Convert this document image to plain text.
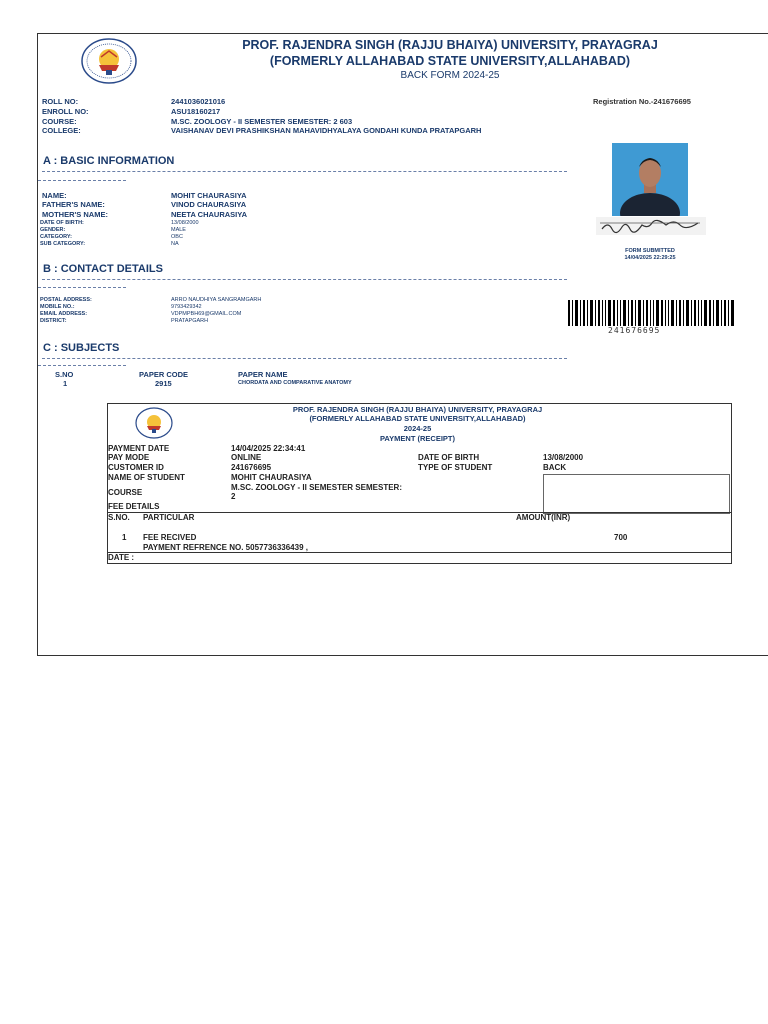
PROF. RAJENDRA SINGH (RAJJU BHAIYA) UNIVERSITY, PRAYAGRAJ
(FORMERLY ALLAHABAD STATE UNIVERSITY,ALLAHABAD)
BACK FORM 2024-25
ROLL NO:	2441036021016
ENROLL NO:	ASU18160217
COURSE:	M.SC. ZOOLOGY - II SEMESTER SEMESTER: 2 603
COLLEGE:	VAISHANAV DEVI PRASHIKSHAN MAHAVIDHYALAYA GONDAHI KUNDA PRATAPGARH
Registration No.-241676695
A : BASIC INFORMATION
NAME:	MOHIT CHAURASIYA
FATHER'S NAME:	VINOD CHAURASIYA
MOTHER'S NAME:	NEETA CHAURASIYA
DATE OF BIRTH:	13/08/2000
GENDER:	MALE
CATEGORY:	OBC
SUB CATEGORY:	NA
FORM SUBMITTED
14/04/2025 22:29:25
B : CONTACT DETAILS
POSTAL ADDRESS:	ARRO NAUDHIYA SANGRAMGARH
MOBILE NO.:	9793429342
EMAIL ADDRESS:	VDPMPBH69@GMAIL.COM
DISTRICT:	PRATAPGARH
241676695
C : SUBJECTS
S.NO	PAPER CODE	PAPER NAME
1	2915	CHORDATA AND COMPARATIVE ANATOMY
PROF. RAJENDRA SINGH (RAJJU BHAIYA) UNIVERSITY, PRAYAGRAJ
(FORMERLY ALLAHABAD STATE UNIVERSITY,ALLAHABAD)
2024-25
PAYMENT (RECEIPT)
PAYMENT DATE	14/04/2025 22:34:41
PAY MODE	ONLINE	DATE OF BIRTH	13/08/2000
CUSTOMER ID	241676695	TYPE OF STUDENT	BACK
NAME OF STUDENT	MOHIT CHAURASIYA
COURSE
M.SC. ZOOLOGY - II SEMESTER SEMESTER:
2
FEE DETAILS
S.NO. PARTICULAR	AMOUNT(INR)
1 FEE RECIVED	700
PAYMENT REFRENCE NO. 5057736336439 ,
DATE :
